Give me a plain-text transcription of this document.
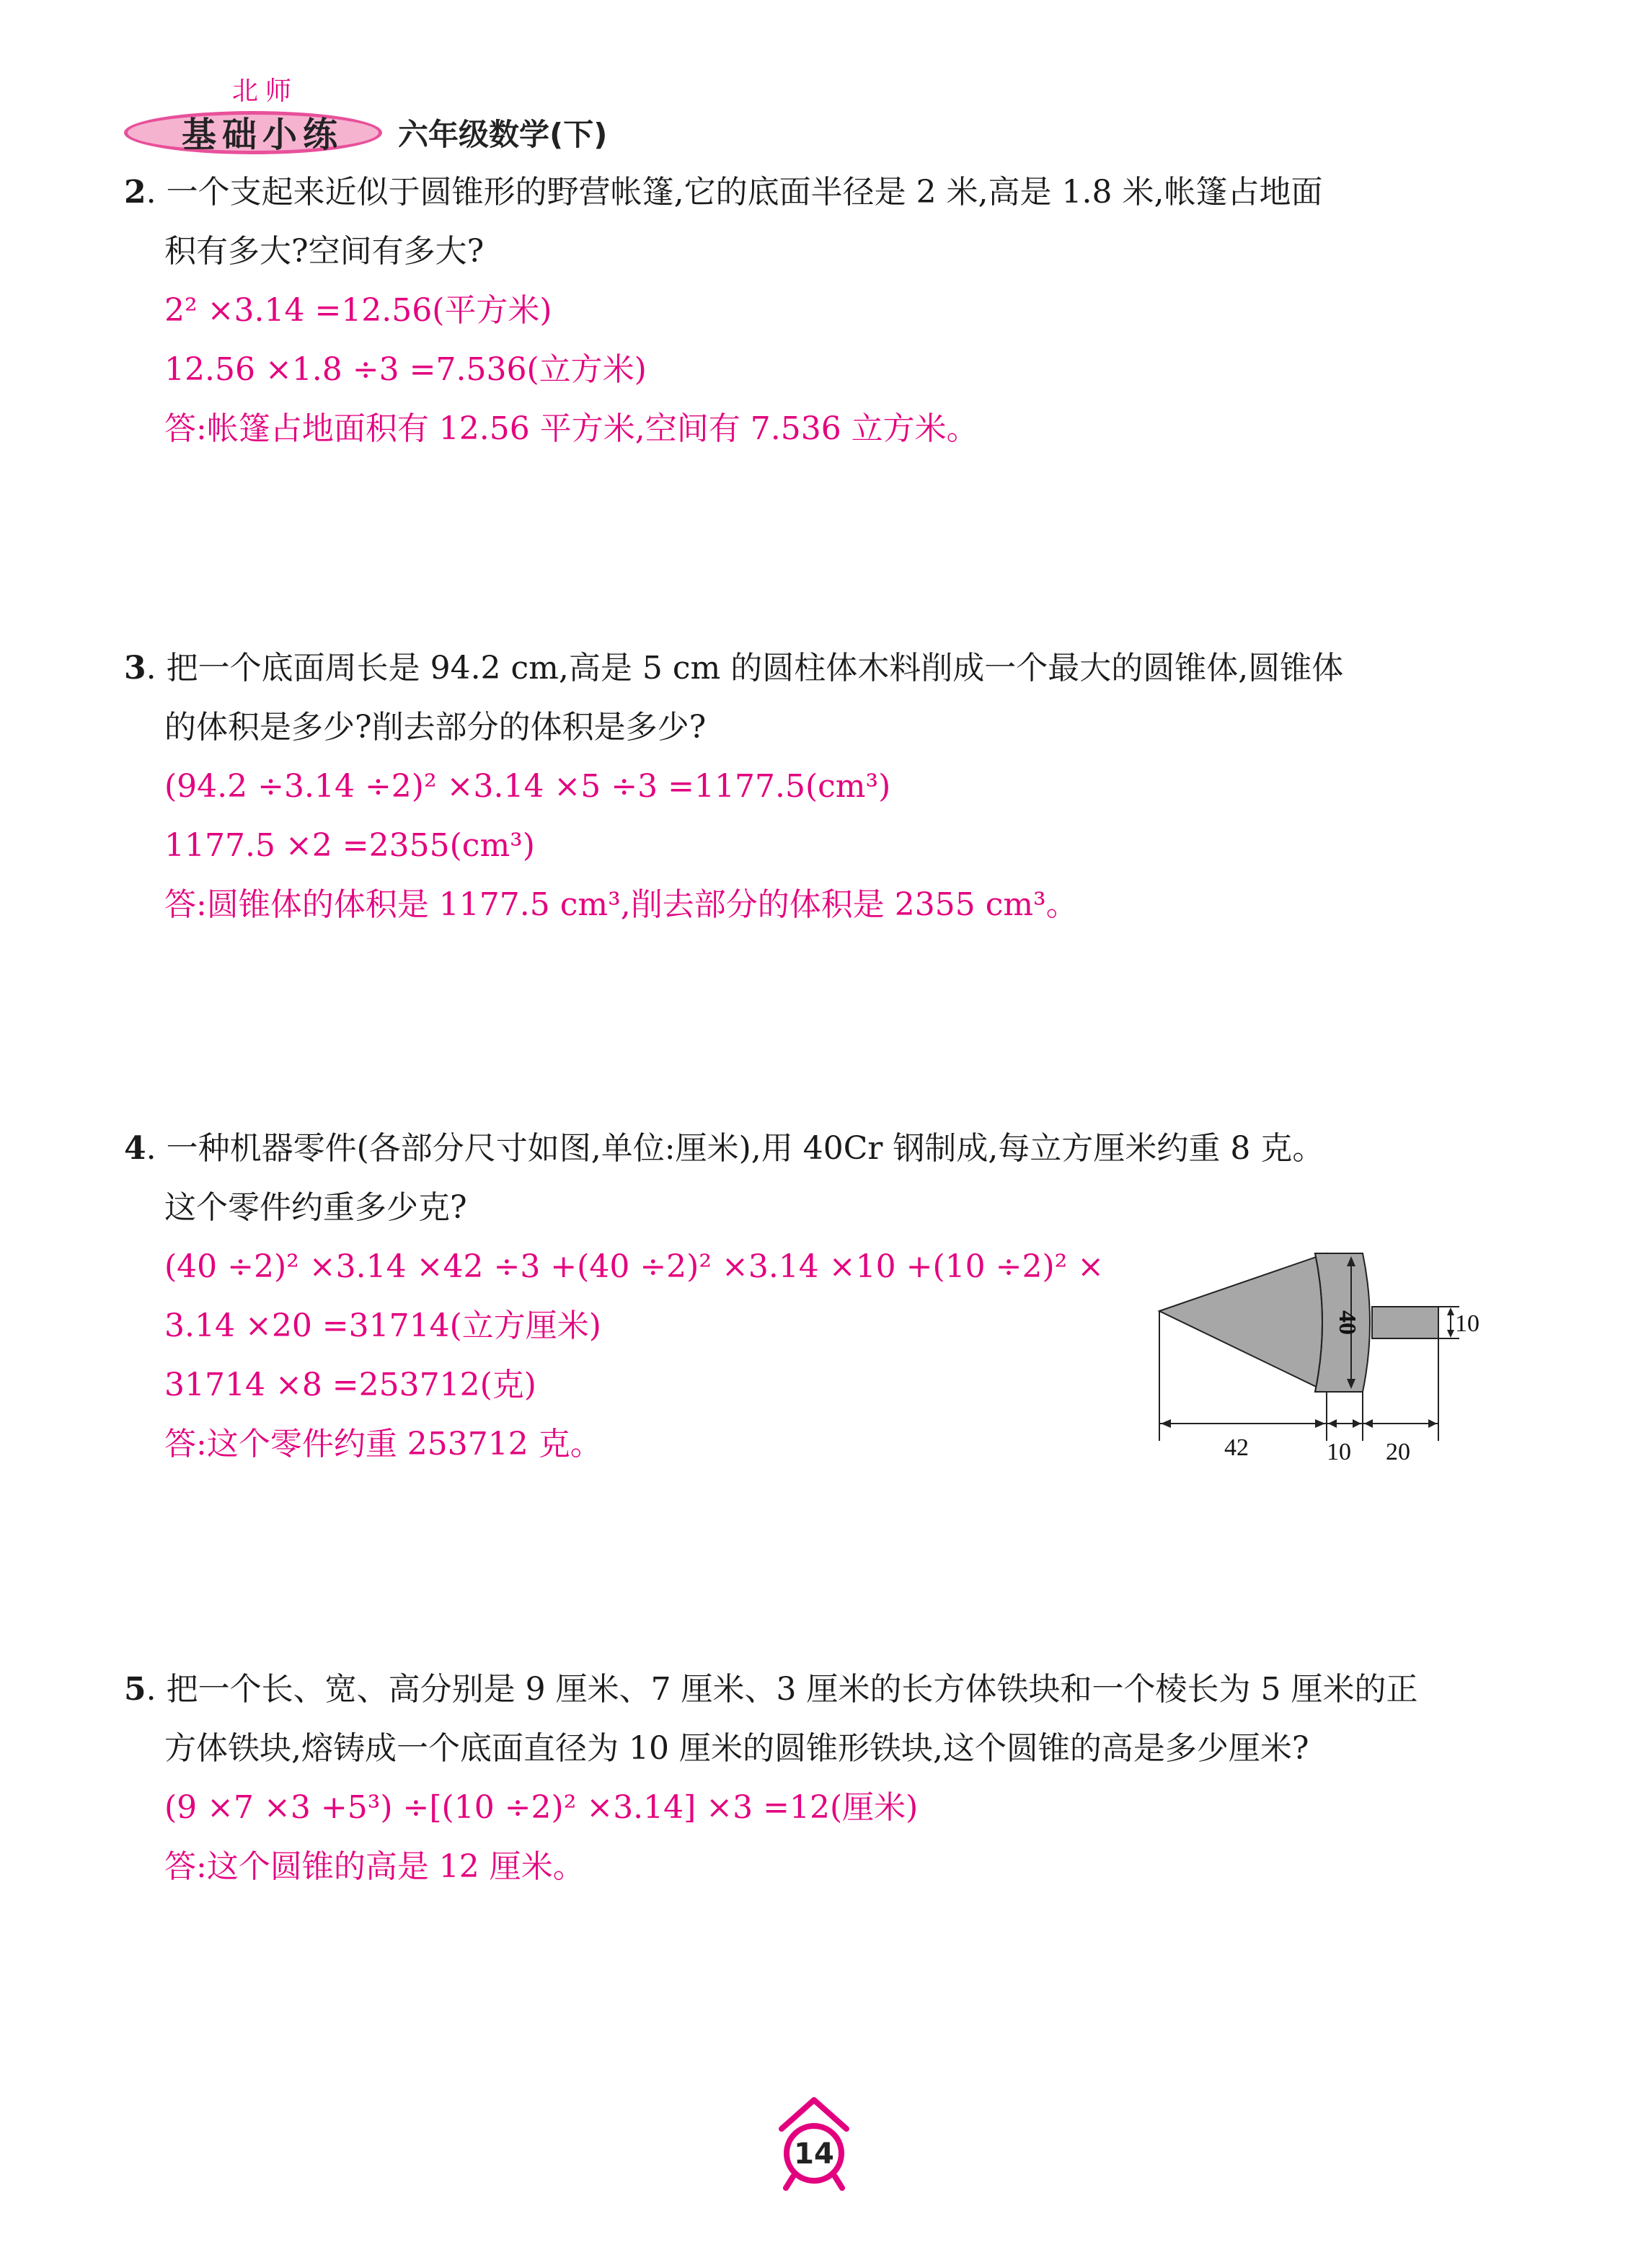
北师
基础小练 六年级数学(下)

2. 一个支起来近似于圆锥形的野营帐篷,它的底面半径是 2 米,高是 1.8 米,帐篷占地面

积有多大?空间有多大?

2² ×3.14 =12.56(平方米)

12.56 ×1.8 ÷3 =7.536(立方米)

答:帐篷占地面积有 12.56 平方米,空间有 7.536 立方米。

3. 把一个底面周长是 94.2 cm,高是 5 cm 的圆柱体木料削成一个最大的圆锥体,圆锥体

的体积是多少?削去部分的体积是多少?

(94.2 ÷3.14 ÷2)² ×3.14 ×5 ÷3 =1177.5(cm³)

1177.5 ×2 =2355(cm³)

答:圆锥体的体积是 1177.5 cm³,削去部分的体积是 2355 cm³。

4. 一种机器零件(各部分尺寸如图,单位:厘米),用 40Cr 钢制成,每立方厘米约重 8 克。

这个零件约重多少克?

(40 ÷2)² ×3.14 ×42 ÷3 +(40 ÷2)² ×3.14 ×10 +(10 ÷2)² ×

3.14 ×20 =31714(立方厘米)

31714 ×8 =253712(克)

答:这个零件约重 253712 克。

40	10
42	10 20

5. 把一个长、宽、高分别是 9 厘米、7 厘米、3 厘米的长方体铁块和一个棱长为 5 厘米的正

方体铁块,熔铸成一个底面直径为 10 厘米的圆锥形铁块,这个圆锥的高是多少厘米?

(9 ×7 ×3 +5³) ÷[(10 ÷2)² ×3.14] ×3 =12(厘米)

答:这个圆锥的高是 12 厘米。

14
